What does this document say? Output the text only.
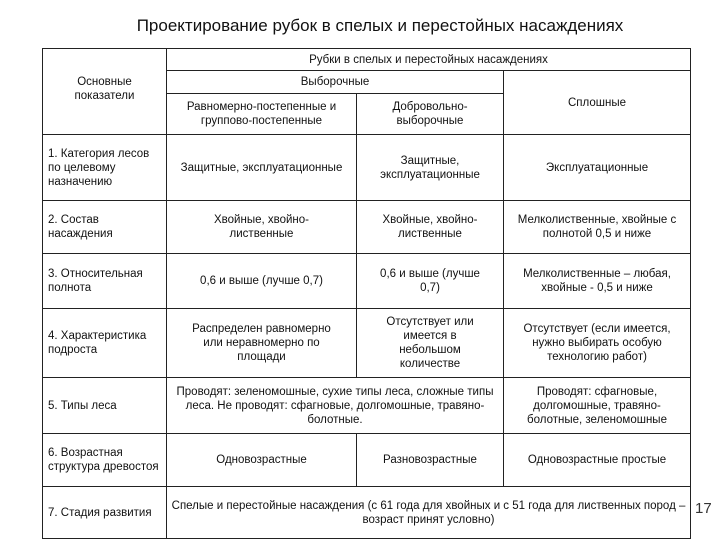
Проектирование рубок в спелых и перестойных насаждениях
Основные показатели	Рубки в спелых и перестойных насаждениях		
	Выборочные		Сплошные
	Равномерно-постепенные и группово-постепенные	Добровольно-выборочные	
1. Категория лесов по целевому назначению	Защитные, эксплуатационные	Защитные, эксплуатационные	Эксплуатационные
2. Состав насаждения	Хвойные, хвойно-лиственные	Хвойные, хвойно-лиственные	Мелколиственные, хвойные с полнотой 0,5 и ниже
3. Относительная полнота	0,6 и выше (лучше 0,7)	0,6 и выше (лучше 0,7)	Мелколиственные – любая, хвойные - 0,5 и ниже
4. Характеристика подроста	Распределен равномерно или неравномерно по площади	Отсутствует или имеется в небольшом количестве	Отсутствует (если имеется, нужно выбирать особую технологию работ)
5. Типы леса	Проводят: зеленомошные, сухие типы леса, сложные типы леса. Не проводят: сфагновые, долгомошные, травяно-болотные.		Проводят: сфагновые, долгомошные, травяно-болотные, зеленомошные
6. Возрастная структура древостоя	Одновозрастные	Разновозрастные	Одновозрастные простые
7. Стадия развития	Спелые и перестойные насаждения (с 61 года для хвойных и с 51 года для лиственных пород – возраст принят условно)		
17
